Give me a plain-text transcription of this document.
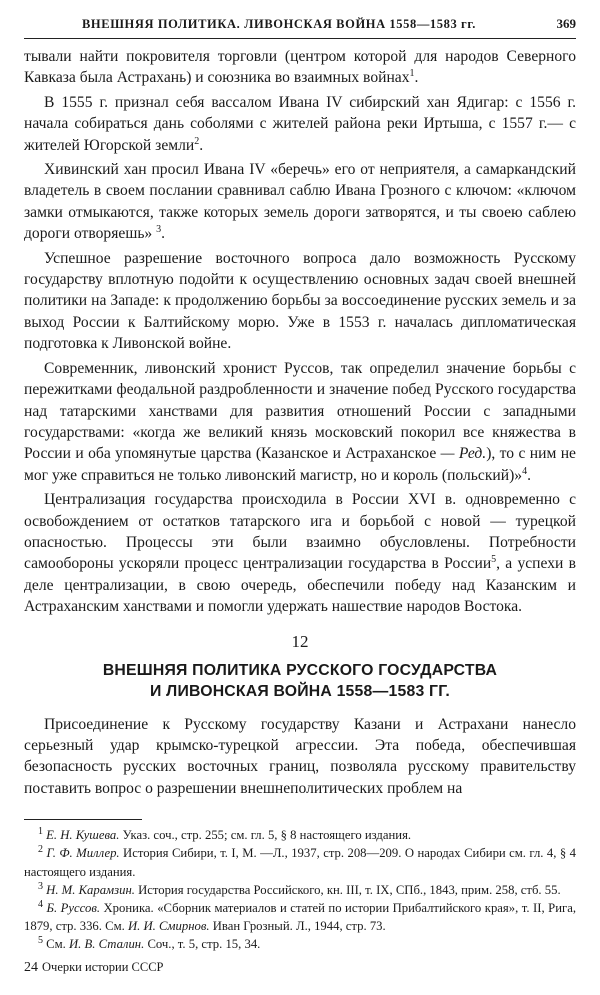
ВНЕШНЯЯ ПОЛИТИКА. ЛИВОНСКАЯ ВОЙНА 1558—1583 гг.	369

тывали найти покровителя торговли (центром которой для народов Северного Кавказа была Астрахань) и союзника во взаимных войнах$^1$.

В 1555 г. признал себя вассалом Ивана IV сибирский хан Ядигар: с 1556 г. начала собираться дань соболями с жителей района реки Иртыша, с 1557 г.— с жителей Югорской земли$^2$.

Хивинский хан просил Ивана IV «беречь» его от неприятеля, а самаркандский владетель в своем послании сравнивал саблю Ивана Грозного с ключом: «ключом замки отмыкаются, также которых земель дороги затворятся, и ты своею саблею дороги отворяешь» $^3$.

Успешное разрешение восточного вопроса дало возможность Русскому государству вплотную подойти к осуществлению основных задач своей внешней политики на Западе: к продолжению борьбы за воссоединение русских земель и за выход России к Балтийскому морю. Уже в 1553 г. началась дипломатическая подготовка к Ливонской войне.

Современник, ливонский хронист Руссов, так определил значение борьбы с пережитками феодальной раздробленности и значение побед Русского государства над татарскими ханствами для развития отношений России с западными государствами: «когда же великий князь московский покорил все княжества в России и оба упомянутые царства (Казанское и Астраханское — Ред.), то с ним не мог уже справиться не только ливонский магистр, но и король (польский)»$^4$.

Централизация государства происходила в России XVI в. одновременно с освобождением от остатков татарского ига и борьбой с новой — турецкой опасностью. Процессы эти были взаимно обусловлены. Потребности самообороны ускоряли процесс централизации государства в России$^5$, а успехи в деле централизации, в свою очередь, обеспечили победу над Казанским и Астраханским ханствами и помогли удержать нашествие народов Востока.

12
ВНЕШНЯЯ ПОЛИТИКА РУССКОГО ГОСУДАРСТВА
И ЛИВОНСКАЯ ВОЙНА 1558—1583 ГГ.

Присоединение к Русскому государству Казани и Астрахани нанесло серьезный удар крымско-турецкой агрессии. Эта победа, обеспечившая безопасность русских восточных границ, позволяла русскому правительству поставить вопрос о разрешении внешнеполитических проблем на

$^1$ Е. Н. Кушева. Указ. соч., стр. 255; см. гл. 5, § 8 настоящего издания.

$^2$ Г. Ф. Миллер. История Сибири, т. I, М. —Л., 1937, стр. 208—209. О народах Сибири см. гл. 4, § 4 настоящего издания.

$^3$ Н. М. Карамзин. История государства Российского, кн. III, т. IX, СПб., 1843, прим. 258, стб. 55.

$^4$ Б. Руссов. Хроника. «Сборник материалов и статей по истории Прибалтийского края», т. II, Рига, 1879, стр. 336. См. И. И. Смирнов. Иван Грозный. Л., 1944, стр. 73.

$^5$ См. И. В. Сталин. Соч., т. 5, стр. 15, 34.

24 Очерки истории СССР
